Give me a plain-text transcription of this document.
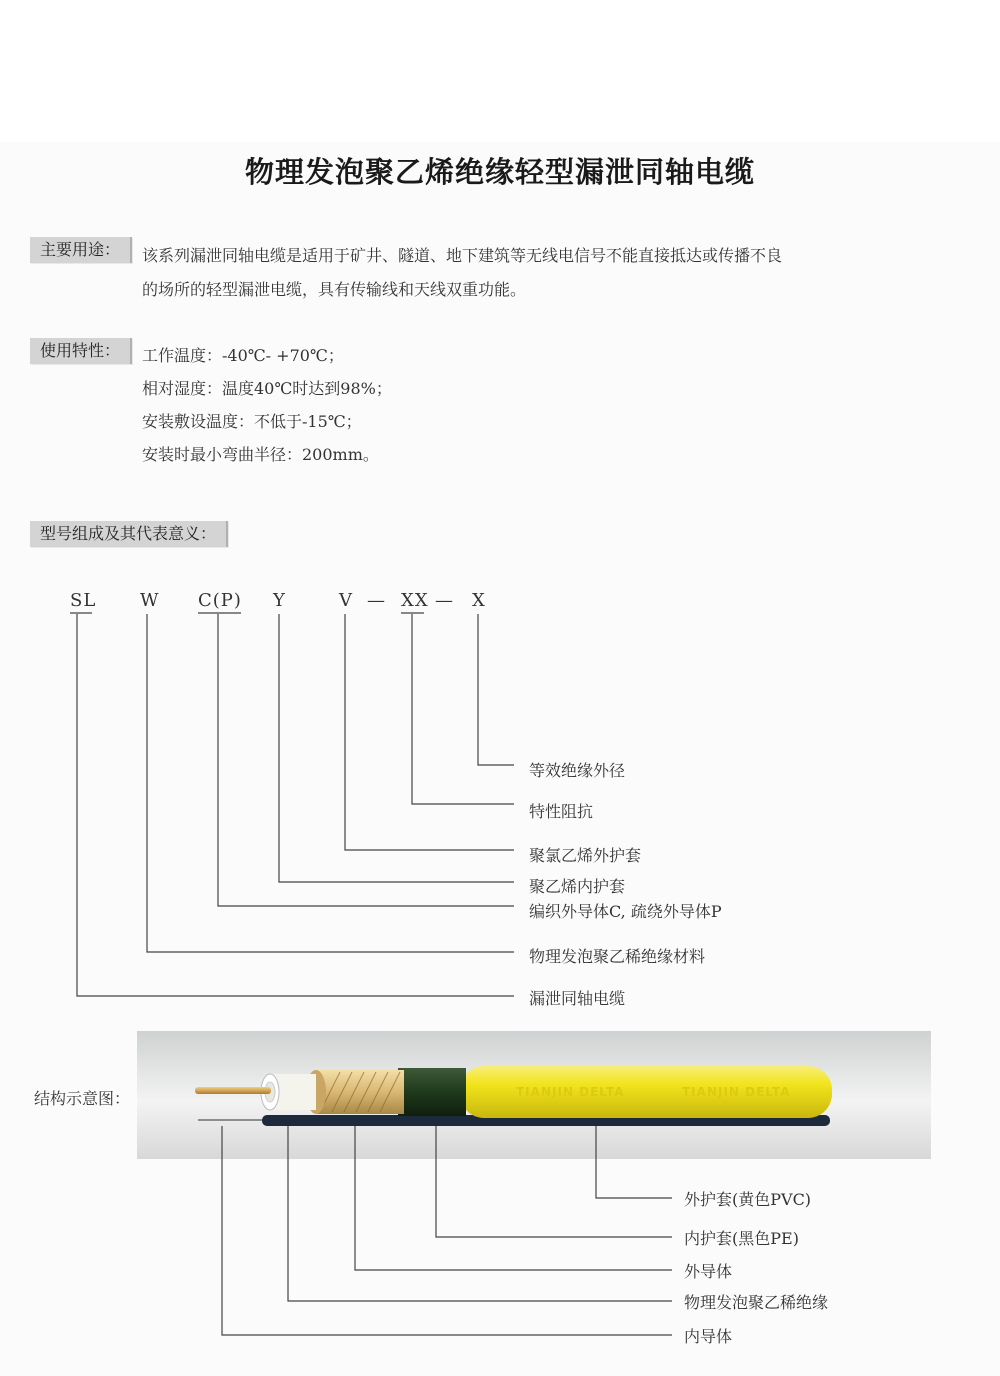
物理发泡聚乙烯绝缘轻型漏泄同轴电缆
主要用途：	该系列漏泄同轴电缆是适用于矿井、隧道、地下建筑等无线电信号不能直接抵达或传播不良
的场所的轻型漏泄电缆，具有传输线和天线双重功能。
使用特性：	工作温度：-40℃- +70℃；
相对湿度：温度40℃时达到98%；
安装敷设温度：不低于-15℃；
安装时最小弯曲半径：200mm。
型号组成及其代表意义：
SL W C(P) Y	V — XX — X
等效绝缘外径
特性阻抗
聚氯乙烯外护套
聚乙烯内护套
编织外导体C, 疏绕外导体P
物理发泡聚乙稀绝缘材料
漏泄同轴电缆
TIANJIN DELTA	TIANJIN DELTA
结构示意图：
外护套(黄色PVC)
内护套(黑色PE)
外导体
物理发泡聚乙稀绝缘
内导体
